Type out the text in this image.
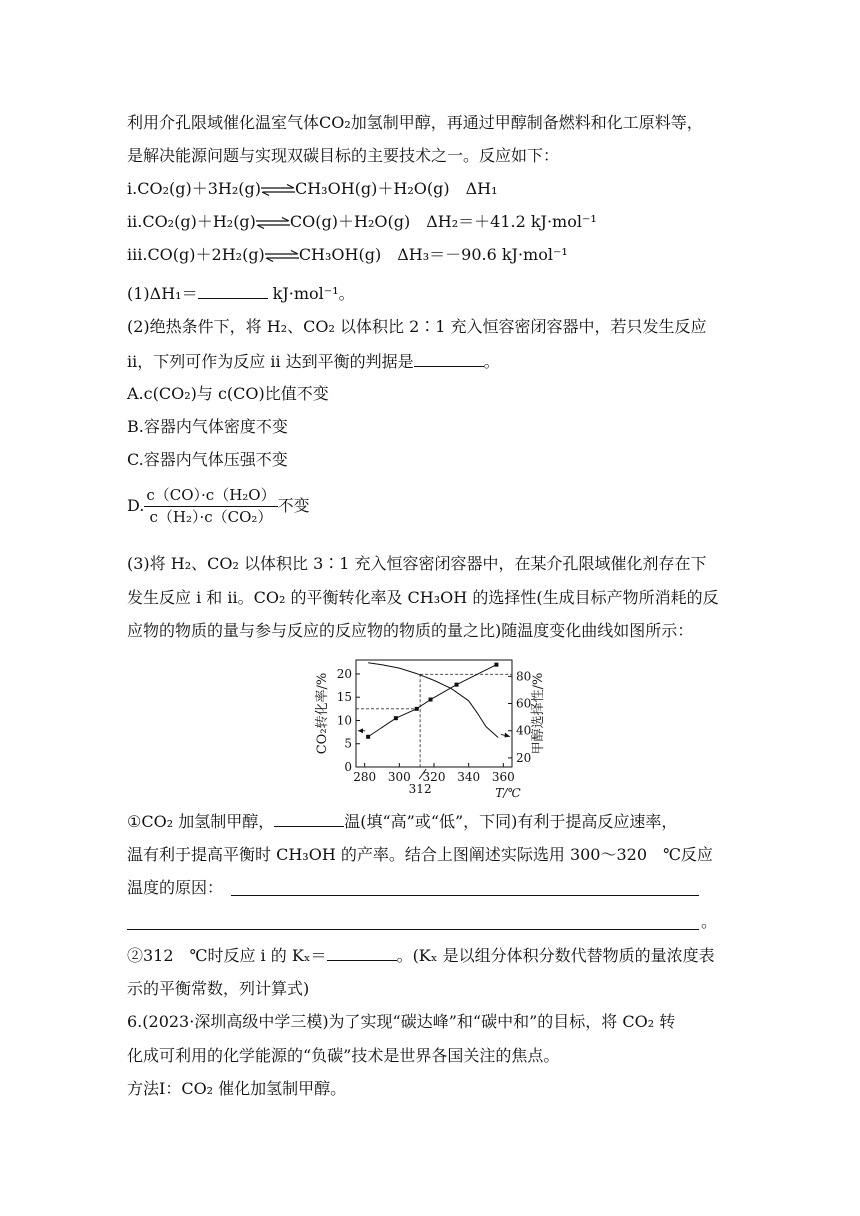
利用介孔限域催化温室气体CO₂加氢制甲醇，再通过甲醇制备燃料和化工原料等，
是解决能源问题与实现双碳目标的主要技术之一。反应如下：
i.CO₂(g)＋3H₂(g)⇌CH₃OH(g)＋H₂O(g)　ΔH₁
ii.CO₂(g)＋H₂(g)⇌CO(g)＋H₂O(g)　ΔH₂＝＋41.2 kJ·mol⁻¹
iii.CO(g)＋2H₂(g)⇌CH₃OH(g)　ΔH₃＝－90.6 kJ·mol⁻¹
(1)ΔH₁＝	kJ·mol⁻¹。
(2)绝热条件下，将 H₂、CO₂ 以体积比 2∶1 充入恒容密闭容器中，若只发生反应
ii，下列可作为反应 ii 达到平衡的判据是	。
A.c(CO₂)与 c(CO)比值不变
B.容器内气体密度不变
C.容器内气体压强不变
D. $\frac{\text{c（CO）·c（H₂O）}}{\text{c（H₂）·c（CO₂）}}$ 不变
(3)将 H₂、CO₂ 以体积比 3∶1 充入恒容密闭容器中，在某介孔限域催化剂存在下
发生反应 i 和 ii。CO₂ 的平衡转化率及 CH₃OH 的选择性(生成目标产物所消耗的反
应物的物质的量与参与反应的反应物的物质的量之比)随温度变化曲线如图所示：
280 300 320 340 360
312	T/℃
0
5
10
15
20
20
40
60
80
CO₂转化率/%	甲醇选择性/%
①CO₂ 加氢制甲醇，	温(填“高”或“低”，下同)有利于提高反应速率，
温有利于提高平衡时 CH₃OH 的产率。结合上图阐述实际选用 300～320　℃反应
温度的原因：
。
②312　℃时反应 i 的 Kₓ＝	。(Kₓ 是以组分体积分数代替物质的量浓度表
示的平衡常数，列计算式)
6.(2023·深圳高级中学三模)为了实现“碳达峰”和“碳中和”的目标，将 CO₂ 转
化成可利用的化学能源的“负碳”技术是世界各国关注的焦点。
方法Ⅰ：CO₂ 催化加氢制甲醇。
